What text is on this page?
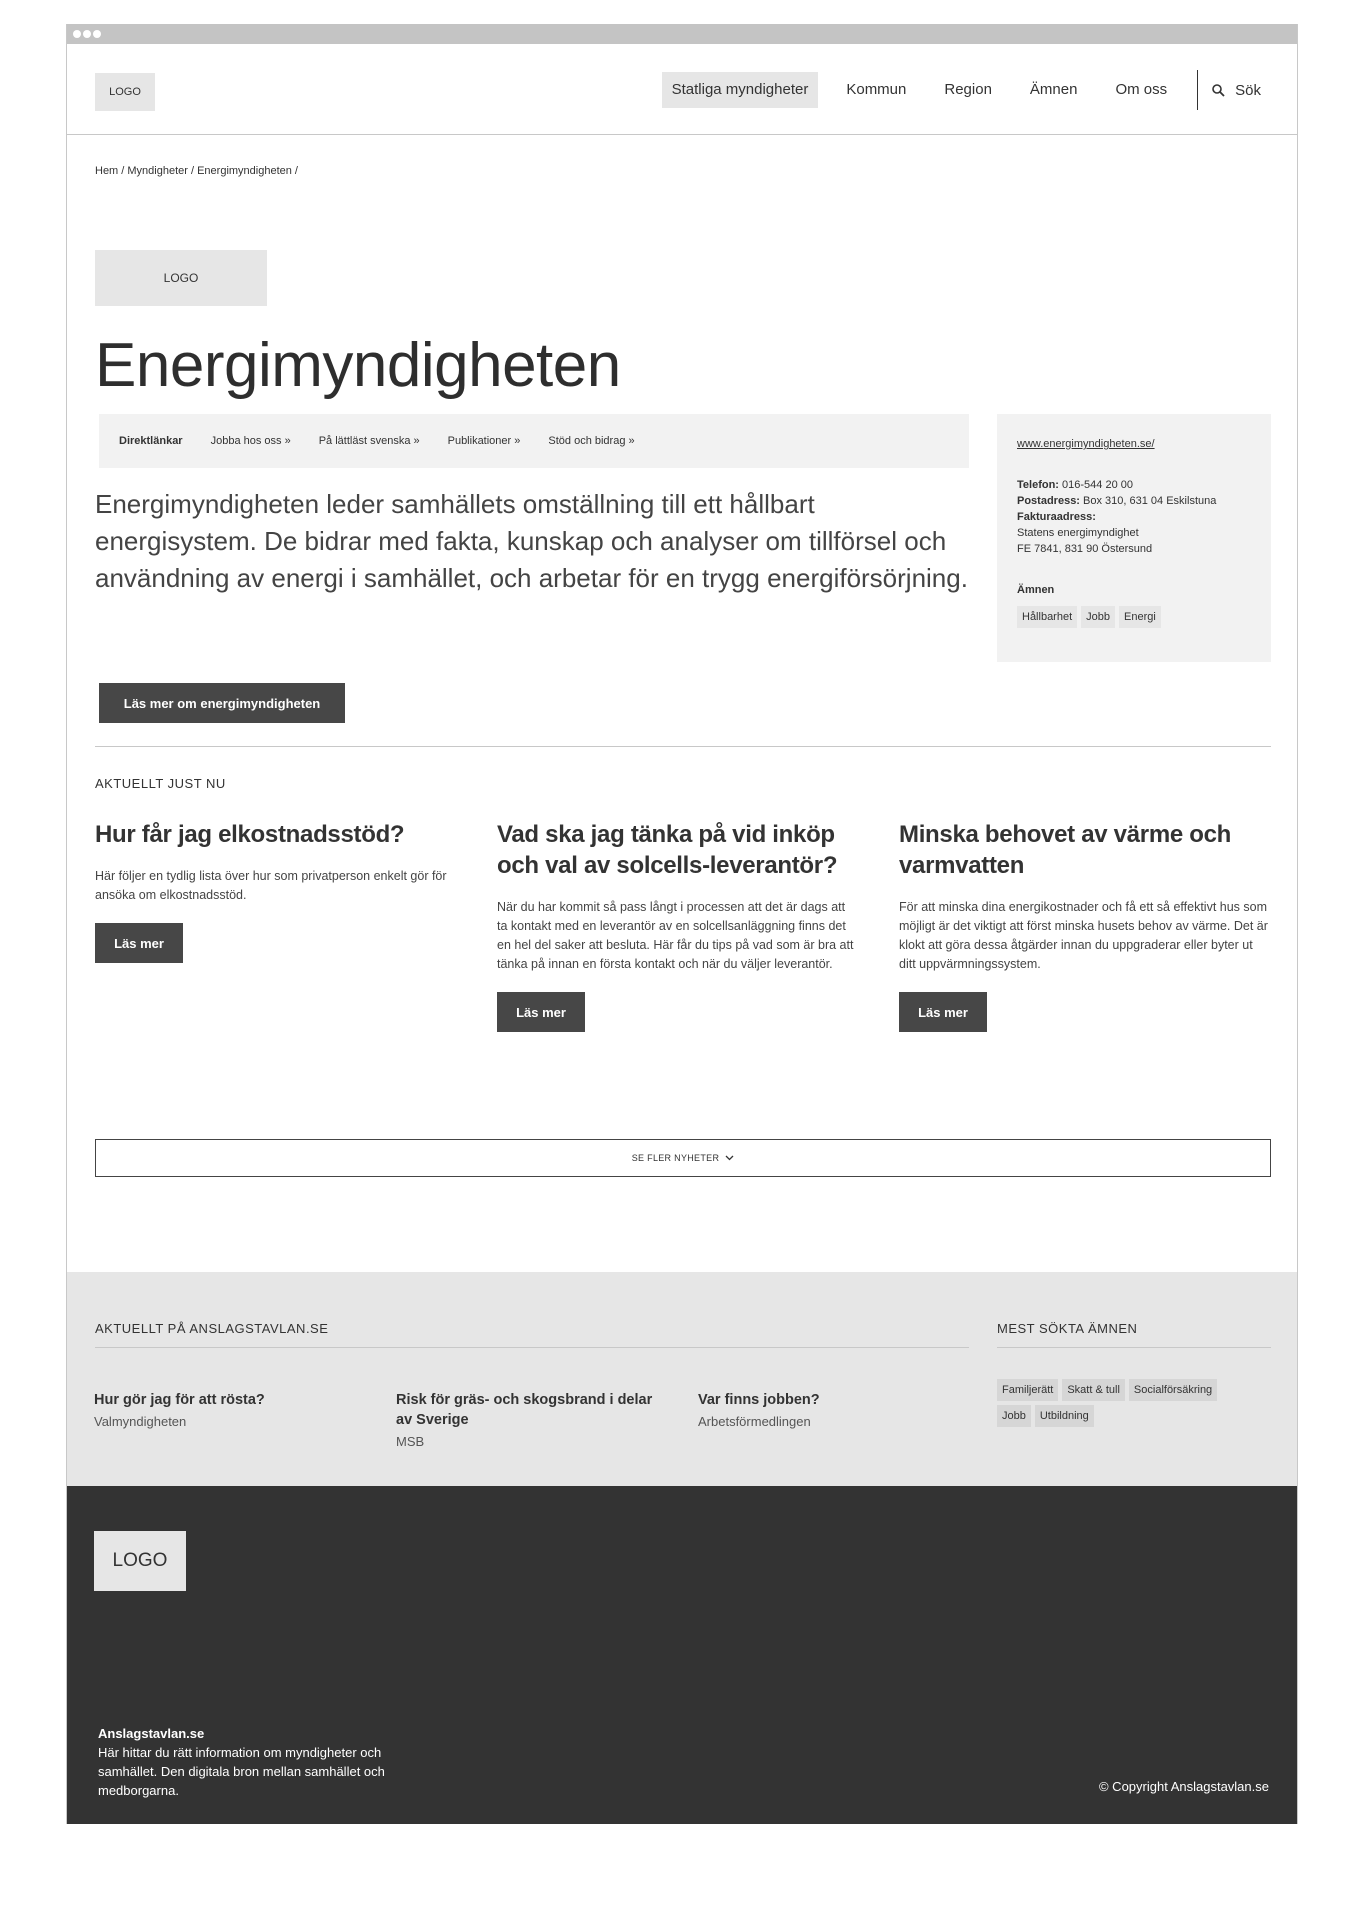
LOGO	Statliga myndigheter	Kommun	Region	Ämnen	Om oss	Sök
Hem / Myndigheter / Energimyndigheten /
LOGO
Energimyndigheten
Direktlänkar	Jobba hos oss »	På lättläst svenska »	Publikationer »	Stöd och bidrag »

Energimyndigheten leder samhällets omställning till ett hållbart energisystem. De bidrar med fakta, kunskap och analyser om tillförsel och användning av energi i samhället, och arbetar för en trygg energiförsörjning.

Läs mer om energimyndigheten
www.energimyndigheten.se/
Telefon: 016-544 20 00
Postadress: Box 310, 631 04 Eskilstuna
Fakturaadress:
Statens energimyndighet
FE 7841, 831 90 Östersund
Ämnen
Hållbarhet	Jobb	Energi
AKTUELLT JUST NU
Hur får jag elkostnadsstöd?

Här följer en tydlig lista över hur som privatperson enkelt gör för ansöka om elkostnadsstöd.

Läs mer
Vad ska jag tänka på vid inköp och val av solcells-leverantör?

När du har kommit så pass långt i processen att det är dags att ta kontakt med en leverantör av en solcellsanläggning finns det en hel del saker att besluta. Här får du tips på vad som är bra att tänka på innan en första kontakt och när du väljer leverantör.

Läs mer
Minska behovet av värme och varmvatten

För att minska dina energikostnader och få ett så effektivt hus som möjligt är det viktigt att först minska husets behov av värme. Det är klokt att göra dessa åtgärder innan du uppgraderar eller byter ut ditt uppvärmningssystem.

Läs mer
SE FLER NYHETER
AKTUELLT PÅ ANSLAGSTAVLAN.SE
Hur gör jag för att rösta?
Valmyndigheten
Risk för gräs- och skogsbrand i delar av Sverige
MSB
Var finns jobben?
Arbetsförmedlingen
MEST SÖKTA ÄMNEN
Familjerätt	Skatt & tull	Socialförsäkring
Jobb	Utbildning
LOGO
Anslagstavlan.se
Här hittar du rätt information om myndigheter och samhället. Den digitala bron mellan samhället och medborgarna.	© Copyright Anslagstavlan.se
